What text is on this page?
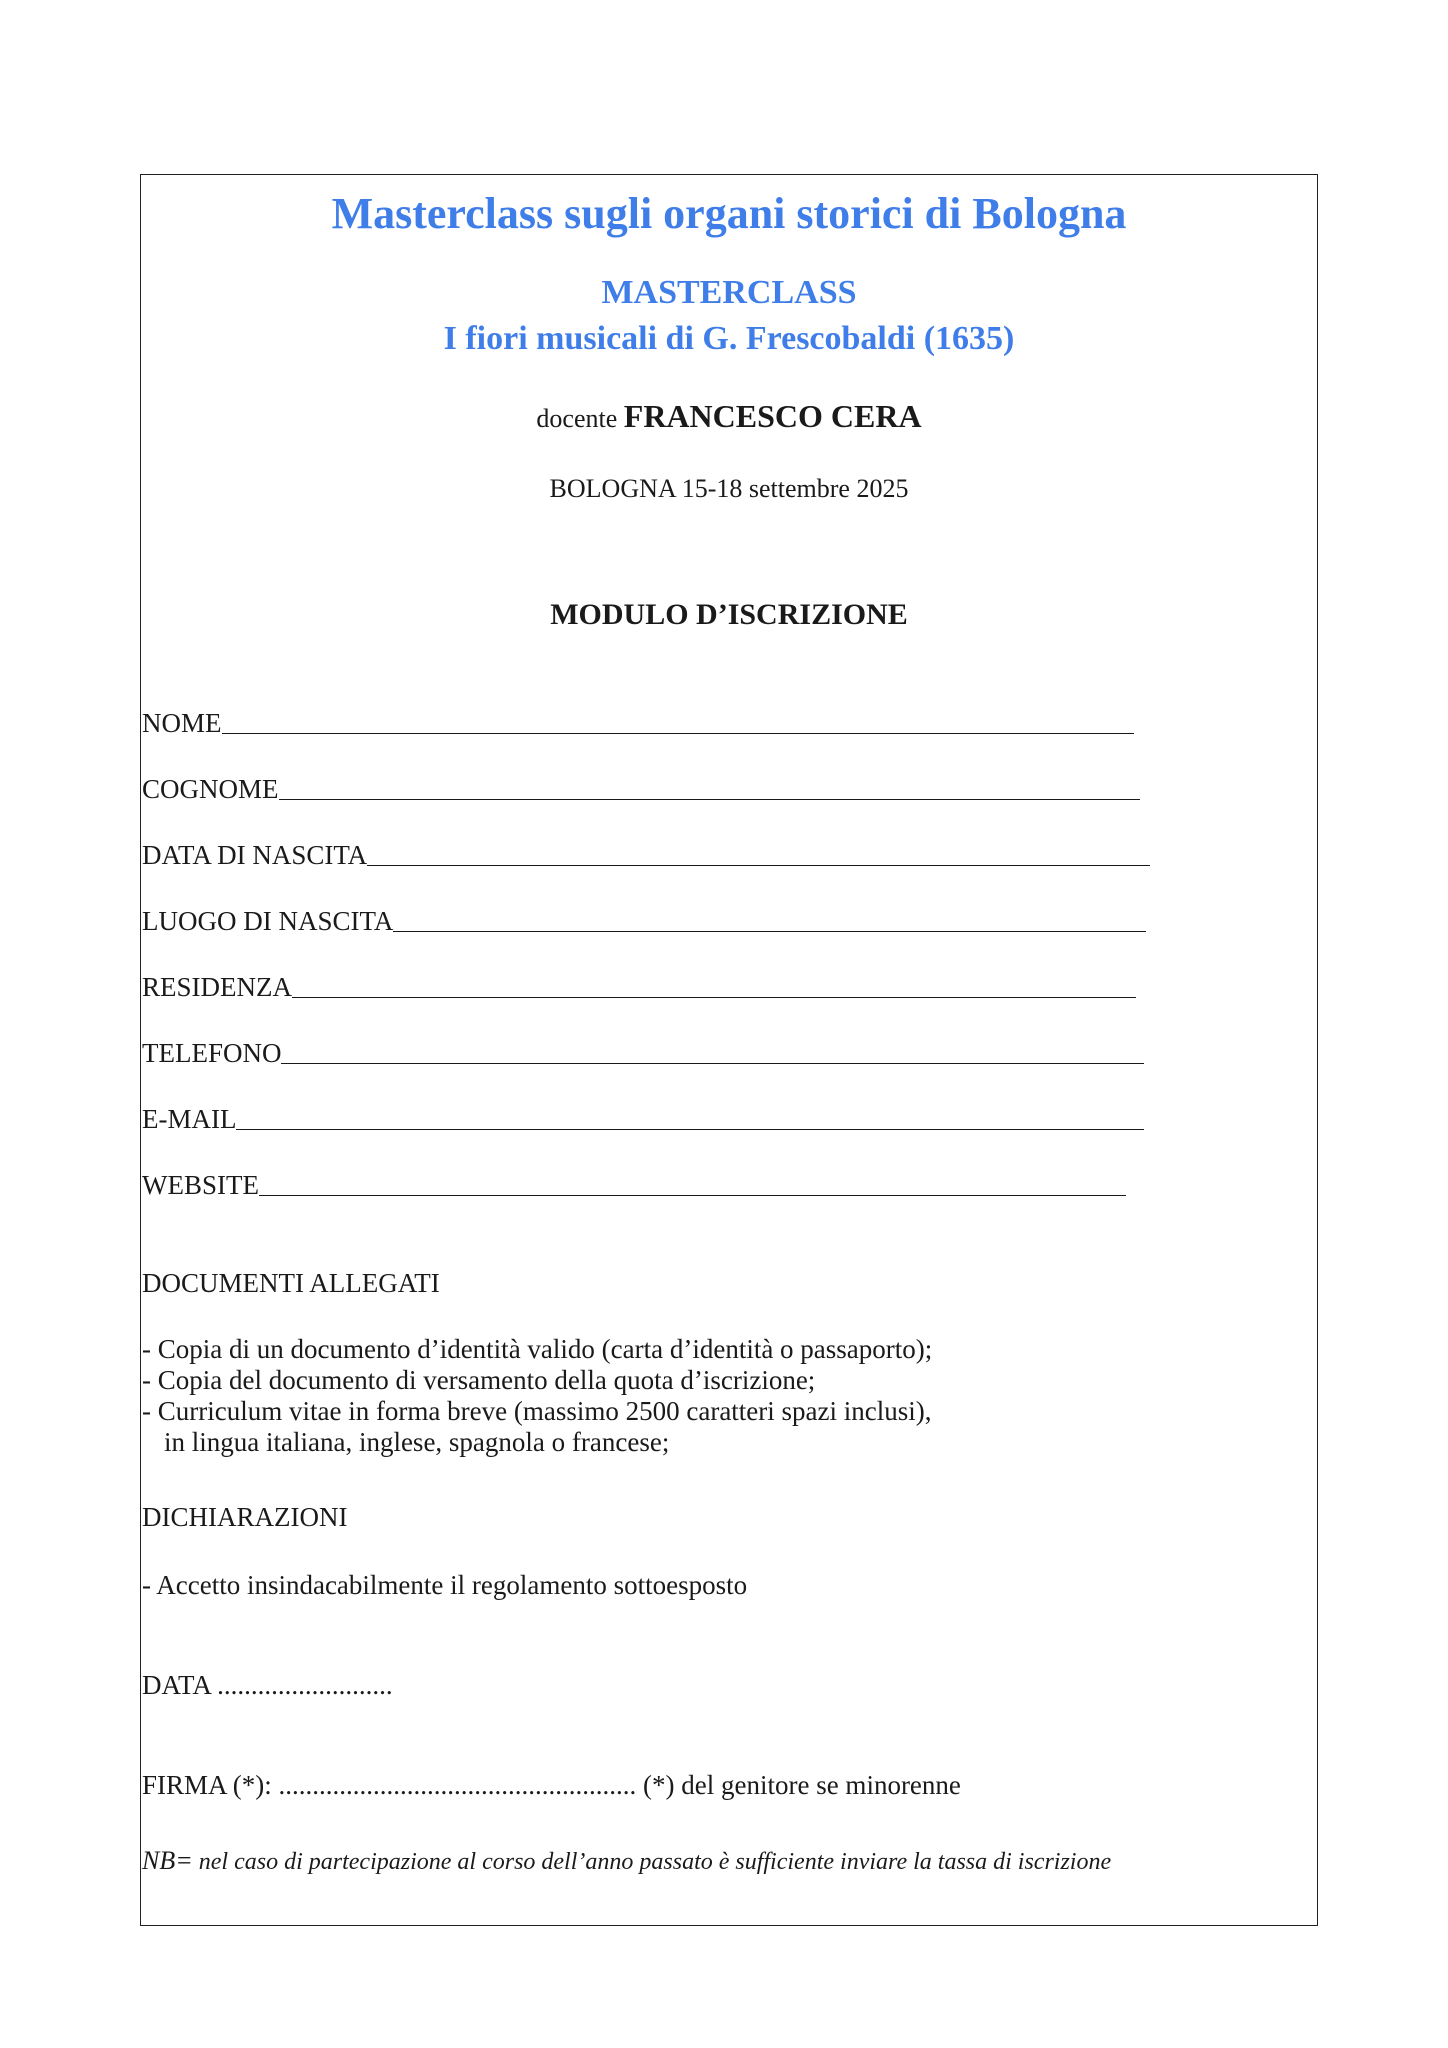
Masterclass sugli organi storici di Bologna
MASTERCLASS
I fiori musicali di G. Frescobaldi (1635)
docente FRANCESCO CERA
BOLOGNA 15-18 settembre 2025
MODULO D’ISCRIZIONE
NOME
COGNOME
DATA DI NASCITA
LUOGO DI NASCITA
RESIDENZA
TELEFONO
E-MAIL
WEBSITE
DOCUMENTI ALLEGATI
- Copia di un documento d’identità valido (carta d’identità o passaporto);
- Copia del documento di versamento della quota d’iscrizione;
- Curriculum vitae in forma breve (massimo 2500 caratteri spazi inclusi),
in lingua italiana, inglese, spagnola o francese;
DICHIARAZIONI
- Accetto insindacabilmente il regolamento sottoesposto
DATA ..........................
FIRMA (*): ..................................................... (*) del genitore se minorenne
NB= nel caso di partecipazione al corso dell’anno passato è sufficiente inviare la tassa di iscrizione
